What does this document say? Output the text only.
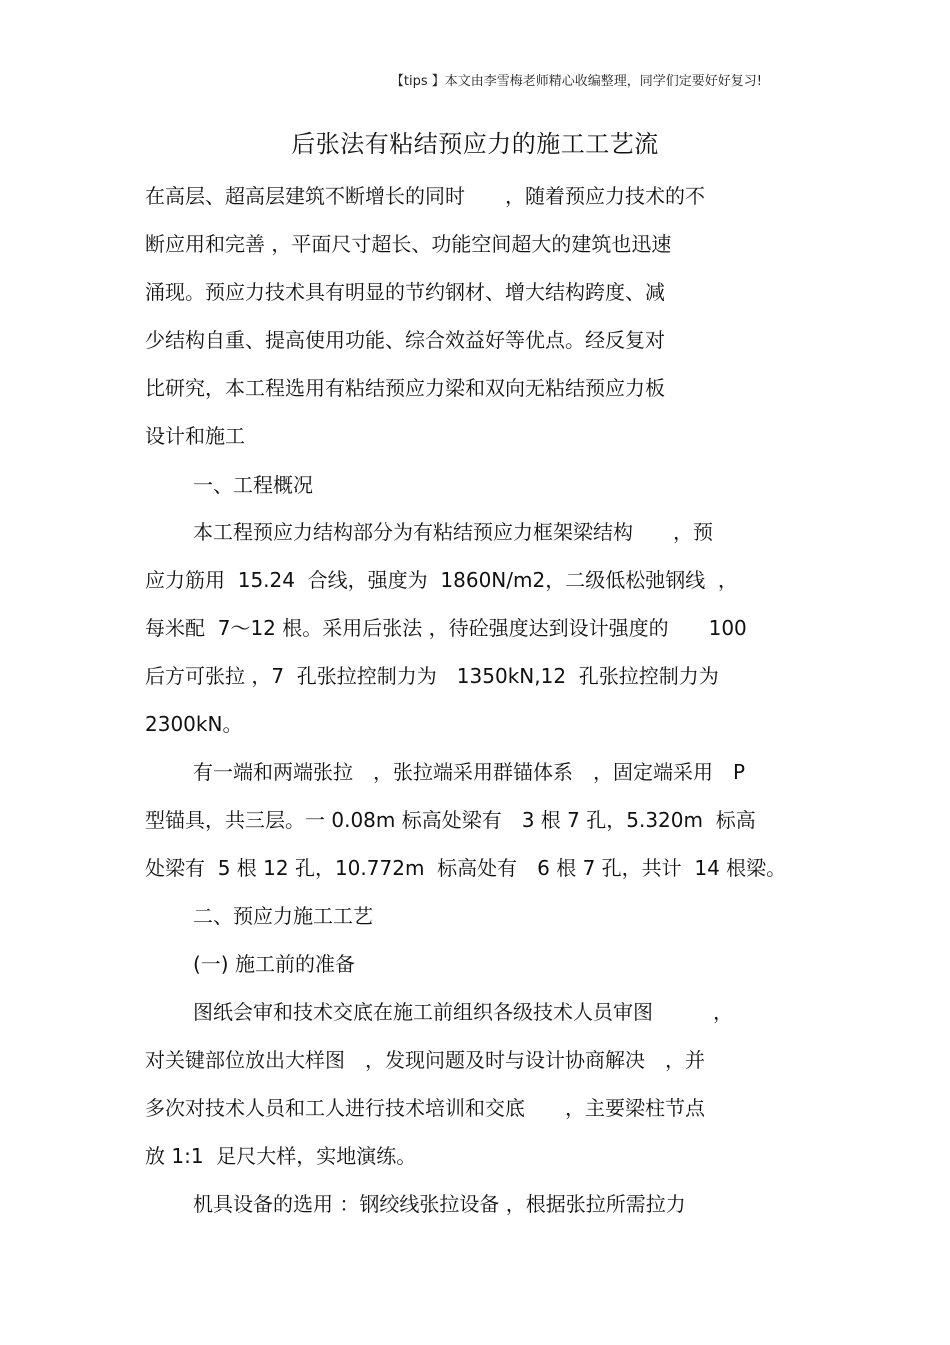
【tips 】本文由李雪梅老师精心收编整理，同学们定要好好复习!
后张法有粘结预应力的施工工艺流
在高层、超高层建筑不断增长的同时　　，随着预应力技术的不
断应用和完善 ，平面尺寸超长、功能空间超大的建筑也迅速
涌现。预应力技术具有明显的节约钢材、增大结构跨度、减
少结构自重、提高使用功能、综合效益好等优点。经反复对
比研究，本工程选用有粘结预应力梁和双向无粘结预应力板
设计和施工
一、工程概况
本工程预应力结构部分为有粘结预应力框架梁结构　　，预
应力筋用  15.24  合线，强度为  1860N/m2，二级低松弛钢线  ，
每米配  7～12 根。采用后张法 ，待砼强度达到设计强度的　　100
后方可张拉 ，7  孔张拉控制力为　1350kN,12  孔张拉控制力为
2300kN。
有一端和两端张拉　，张拉端采用群锚体系　，固定端采用　P
型锚具，共三层。一 0.08m 标高处梁有　3 根 7 孔，5.320m  标高
处梁有  5 根 12 孔，10.772m  标高处有　6 根 7 孔，共计  14 根梁。
二、预应力施工工艺
(一) 施工前的准备
图纸会审和技术交底在施工前组织各级技术人员审图　　　，
对关键部位放出大样图　，发现问题及时与设计协商解决　，并
多次对技术人员和工人进行技术培训和交底　　，主要梁柱节点
放 1:1  足尺大样，实地演练。
机具设备的选用 ：钢绞线张拉设备 ，根据张拉所需拉力
